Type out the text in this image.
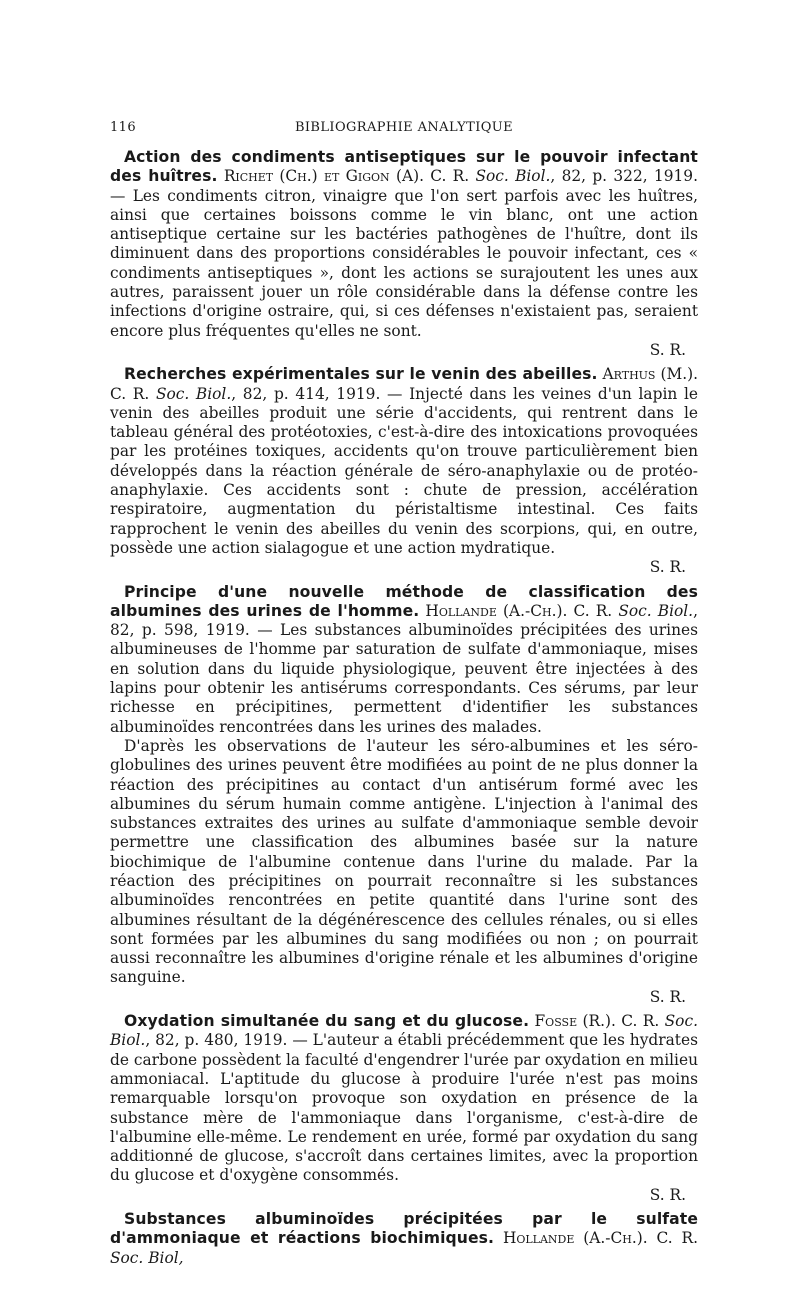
116	BIBLIOGRAPHIE ANALYTIQUE

Action des condiments antiseptiques sur le pouvoir infectant des huîtres. Richet (Ch.) et Gigon (A). C. R. Soc. Biol., 82, p. 322, 1919. — Les condiments citron, vinaigre que l'on sert parfois avec les huîtres, ainsi que certaines boissons comme le vin blanc, ont une action antiseptique certaine sur les bactéries pathogènes de l'huître, dont ils diminuent dans des proportions considérables le pouvoir infectant, ces « condiments antiseptiques », dont les actions se surajoutent les unes aux autres, paraissent jouer un rôle considérable dans la défense contre les infections d'origine ostraire, qui, si ces défenses n'existaient pas, seraient encore plus fréquentes qu'elles ne sont.

S. R.

Recherches expérimentales sur le venin des abeilles. Arthus (M.). C. R. Soc. Biol., 82, p. 414, 1919. — Injecté dans les veines d'un lapin le venin des abeilles produit une série d'accidents, qui rentrent dans le tableau général des protéotoxies, c'est-à-dire des intoxications provoquées par les protéines toxiques, accidents qu'on trouve particulièrement bien développés dans la réaction générale de séro-anaphylaxie ou de protéo-anaphylaxie. Ces accidents sont : chute de pression, accélération respiratoire, augmentation du péristaltisme intestinal. Ces faits rapprochent le venin des abeilles du venin des scorpions, qui, en outre, possède une action sialagogue et une action mydratique.

S. R.

Principe d'une nouvelle méthode de classification des albumines des urines de l'homme. Hollande (A.-Ch.). C. R. Soc. Biol., 82, p. 598, 1919. — Les substances albuminoïdes précipitées des urines albumineuses de l'homme par saturation de sulfate d'ammoniaque, mises en solution dans du liquide physiologique, peuvent être injectées à des lapins pour obtenir les antisérums correspondants. Ces sérums, par leur richesse en précipitines, permettent d'identifier les substances albuminoïdes rencontrées dans les urines des malades.

D'après les observations de l'auteur les séro-albumines et les séro-globulines des urines peuvent être modifiées au point de ne plus donner la réaction des précipitines au contact d'un antisérum formé avec les albumines du sérum humain comme antigène. L'injection à l'animal des substances extraites des urines au sulfate d'ammoniaque semble devoir permettre une classification des albumines basée sur la nature biochimique de l'albumine contenue dans l'urine du malade. Par la réaction des précipitines on pourrait reconnaître si les substances albuminoïdes rencontrées en petite quantité dans l'urine sont des albumines résultant de la dégénérescence des cellules rénales, ou si elles sont formées par les albumines du sang modifiées ou non ; on pourrait aussi reconnaître les albumines d'origine rénale et les albumines d'origine sanguine.

S. R.

Oxydation simultanée du sang et du glucose. Fosse (R.). C. R. Soc. Biol., 82, p. 480, 1919. — L'auteur a établi précédemment que les hydrates de carbone possèdent la faculté d'engendrer l'urée par oxydation en milieu ammoniacal. L'aptitude du glucose à produire l'urée n'est pas moins remarquable lorsqu'on provoque son oxydation en présence de la substance mère de l'ammoniaque dans l'organisme, c'est-à-dire de l'albumine elle-même. Le rendement en urée, formé par oxydation du sang additionné de glucose, s'accroît dans certaines limites, avec la proportion du glucose et d'oxygène consommés.

S. R.

Substances albuminoïdes précipitées par le sulfate d'ammoniaque et réactions biochimiques. Hollande (A.-Ch.). C. R. Soc. Biol,
